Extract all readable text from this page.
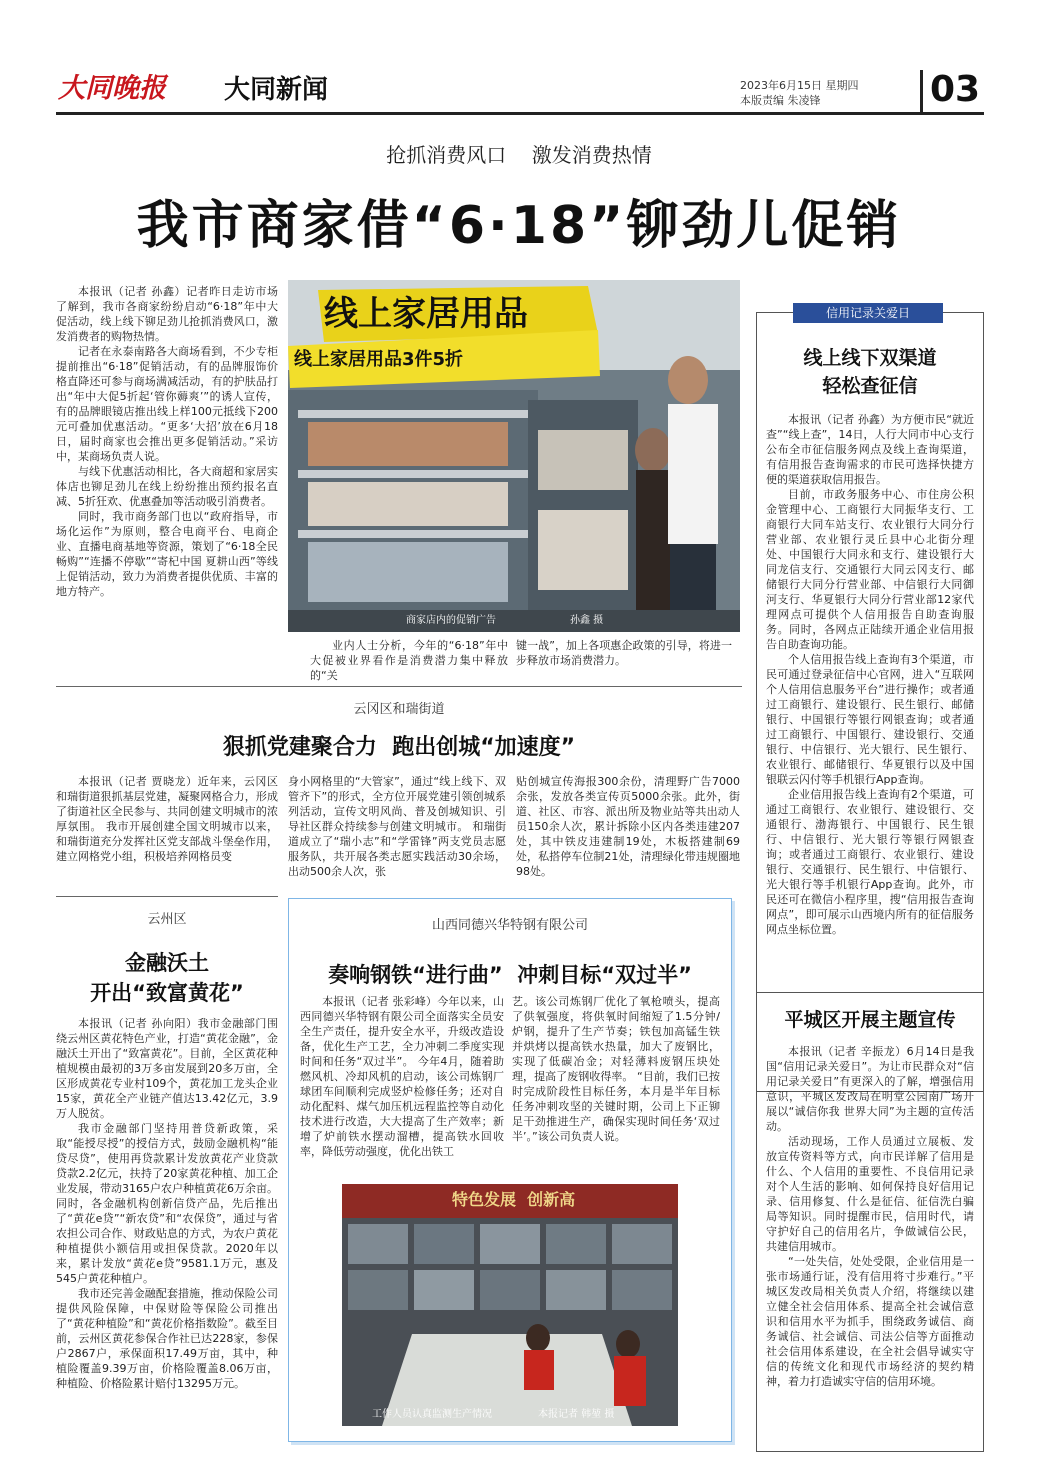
大同晚报	大同新闻	2023年6月15日 星期四
本版责编 朱凌锋	03
抢抓消费风口    激发消费热情
我市商家借“6·18”铆劲儿促销

本报讯（记者 孙鑫）记者昨日走访市场了解到，我市各商家纷纷启动“6·18”年中大促活动，线上线下铆足劲儿抢抓消费风口，激发消费者的购物热情。

记者在永泰南路各大商场看到，不少专柜提前推出“6·18”促销活动，有的品牌服饰价格直降还可参与商场满减活动，有的护肤品打出“年中大促5折起‘管你薅爽’”的诱人宣传，有的品牌眼镜店推出线上样100元抵线下200元可叠加优惠活动。“更多‘大招’放在6月18日，届时商家也会推出更多促销活动。”采访中，某商场负责人说。

与线下优惠活动相比，各大商超和家居实体店也铆足劲儿在线上纷纷推出预约报名直减、5折狂欢、优惠叠加等活动吸引消费者。

同时，我市商务部门也以“政府指导，市场化运作”为原则，整合电商平台、电商企业、直播电商基地等资源，策划了“6·18全民畅购”“连播不停歇”“寄杞中国 夏耕山西”等线上促销活动，致力为消费者提供优质、丰富的地方特产。

线上家居用品
线上家居用品3件5折
商家店内的促销广告	孙鑫 摄

业内人士分析，今年的“6·18”年中大促被业界看作是消费潜力集中释放的“关

键一战”，加上各项惠企政策的引导，将进一步释放市场消费潜力。
云冈区和瑞街道
狠抓党建聚合力  跑出创城“加速度”

本报讯（记者 贾晓龙）近年来，云冈区和瑞街道狠抓基层党建，凝聚网格合力，形成了街道社区全民参与、共同创建文明城市的浓厚氛围。 我市开展创建全国文明城市以来，和瑞街道充分发挥社区党支部战斗堡垒作用，建立网格党小组，积极培养网格员变

身小网格里的“大管家”，通过“线上线下、双管齐下”的形式，全方位开展党建引领创城系列活动，宣传文明风尚、普及创城知识、引导社区群众持续参与创建文明城市。 和瑞街道成立了“瑞小志”和“学雷锋”两支党员志愿服务队，共开展各类志愿实践活动30余场，出动500余人次，张
贴创城宣传海报300余份，清理野广告7000余张，发放各类宣传页5000余张。此外，街道、社区、市容、派出所及物业站等共出动人员150余人次，累计拆除小区内各类违建207处，其中铁皮违建制19处，木板搭建制69处，私搭停车位制21处，清理绿化带违规圈地98处。
云州区
金融沃土
开出“致富黄花”

本报讯（记者 孙向阳）我市金融部门围绕云州区黄花特色产业，打造“黄花金融”，金融沃土开出了“致富黄花”。目前，全区黄花种植规模由最初的3万多亩发展到20多万亩，全区形成黄花专业村109个，黄花加工龙头企业15家，黄花全产业链产值达13.42亿元，3.9万人脱贫。

我市金融部门坚持用普贷新政策，采取“能授尽授”的授信方式，鼓励金融机构“能贷尽贷”，使用再贷款累计发放黄花产业贷款贷款2.2亿元，扶持了20家黄花种植、加工企业发展，带动3165户农户种植黄花6万余亩。同时，各金融机构创新信贷产品，先后推出了“黄花e贷”“新农贷”和“农保贷”，通过与省农担公司合作、财政贴息的方式，为农户黄花种植提供小额信用或担保贷款。2020年以来，累计发放“黄花e贷”9581.1万元，惠及545户黄花种植户。

我市还完善金融配套措施，推动保险公司提供风险保障，中保财险等保险公司推出了“黄花种植险”和“黄花价格指数险”。截至目前，云州区黄花参保合作社已达228家，参保户2867户，承保面积17.49万亩，其中，种植险覆盖9.39万亩，价格险覆盖8.06万亩，种植险、价格险累计赔付13295万元。

山西同德兴华特钢有限公司
奏响钢铁“进行曲”  冲刺目标“双过半”

本报讯（记者 张彩峰）今年以来，山西同德兴华特钢有限公司全面落实全员安全生产责任，提升安全水平，升级改造设备，优化生产工艺，全力冲刺二季度实现时间和任务“双过半”。 今年4月，随着助燃风机、冷却风机的启动，该公司炼钢厂球团车间顺利完成竖炉检修任务；还对自动化配料、煤气加压机远程监控等自动化技术进行改造，大大提高了生产效率；新增了炉前铁水摆动溜槽，提高铁水回收率，降低劳动强度，优化出铁工

艺。该公司炼钢厂优化了氧枪喷头，提高了供氧强度，将供氧时间缩短了1.5分钟/炉钢，提升了生产节奏；铁包加高锰生铁并烘烤以提高铁水热量，加大了废钢比，实现了低碳冶金；对轻薄料废钢压块处理，提高了废钢收得率。 “目前，我们已按时完成阶段性目标任务，本月是半年目标任务冲刺攻坚的关键时期，公司上下正铆足干劲推进生产，确保实现时间任务‘双过半’。”该公司负责人说。
特色发展  创新高
工作人员认真监测生产情况	本报记者 韩堃 摄
信用记录关爱日
线上线下双渠道
轻松查征信

本报讯（记者 孙鑫）为方便市民“就近查”“线上查”，14日，人行大同市中心支行公布全市征信服务网点及线上查询渠道，有信用报告查询需求的市民可选择快捷方便的渠道获取信用报告。

目前，市政务服务中心、市住房公积金管理中心、工商银行大同振华支行、工商银行大同车站支行、农业银行大同分行营业部、农业银行灵丘县中心北街分理处、中国银行大同永和支行、建设银行大同龙信支行、交通银行大同云冈支行、邮储银行大同分行营业部、中信银行大同御河支行、华夏银行大同分行营业部12家代理网点可提供个人信用报告自助查询服务。同时，各网点正陆续开通企业信用报告自助查询功能。

个人信用报告线上查询有3个渠道，市民可通过登录征信中心官网，进入“互联网个人信用信息服务平台”进行操作；或者通过工商银行、建设银行、民生银行、邮储银行、中国银行等银行网银查询；或者通过工商银行、中国银行、建设银行、交通银行、中信银行、光大银行、民生银行、农业银行、邮储银行、华夏银行以及中国银联云闪付等手机银行App查询。

企业信用报告线上查询有2个渠道，可通过工商银行、农业银行、建设银行、交通银行、渤海银行、中国银行、民生银行、中信银行、光大银行等银行网银查询；或者通过工商银行、农业银行、建设银行、交通银行、民生银行、中信银行、光大银行等手机银行App查询。此外，市民还可在微信小程序里，搜“信用报告查询网点”，即可展示山西境内所有的征信服务网点坐标位置。

平城区开展主题宣传

本报讯（记者 辛振龙）6月14日是我国“信用记录关爱日”。为让市民群众对“信用记录关爱日”有更深入的了解，增强信用意识，平城区发改局在明堂公园南广场开展以“诚信你我 世界大同”为主题的宣传活动。

活动现场，工作人员通过立展板、发放宣传资料等方式，向市民详解了信用是什么、个人信用的重要性、不良信用记录对个人生活的影响、如何保持良好信用记录、信用修复、什么是征信、征信洗白骗局等知识。同时提醒市民，信用时代，请守护好自己的信用名片，争做诚信公民，共建信用城市。

“一处失信，处处受限，企业信用是一张市场通行证，没有信用将寸步难行。”平城区发改局相关负责人介绍，将继续以建立健全社会信用体系、提高全社会诚信意识和信用水平为抓手，围绕政务诚信、商务诚信、社会诚信、司法公信等方面推动社会信用体系建设，在全社会倡导诚实守信的传统文化和现代市场经济的契约精神，着力打造诚实守信的信用环境。
